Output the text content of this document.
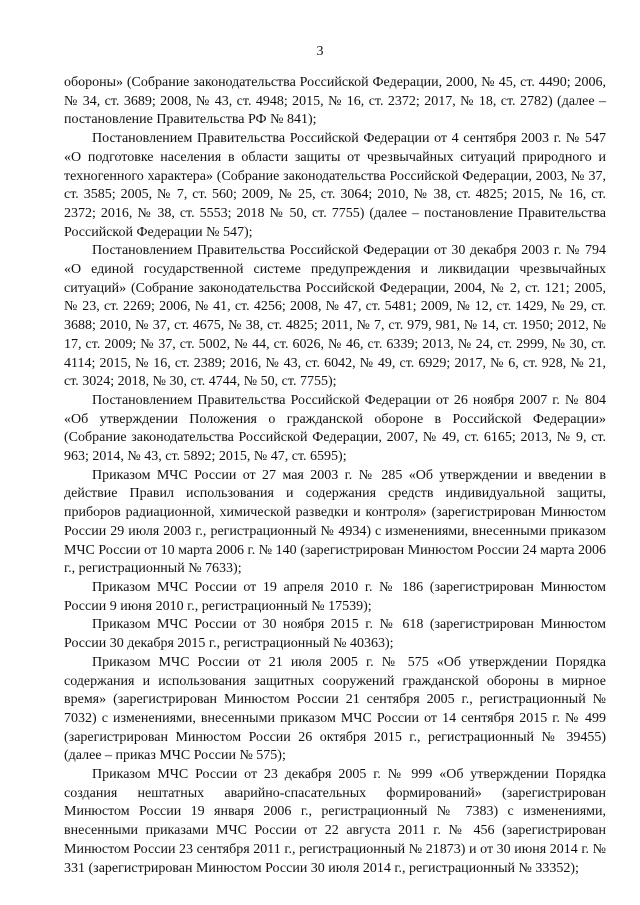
3

обороны» (Собрание законодательства Российской Федерации, 2000, № 45, ст. 4490; 2006, № 34, ст. 3689; 2008, № 43, ст. 4948; 2015, № 16, ст. 2372; 2017, № 18, ст. 2782) (далее – постановление Правительства РФ № 841);

Постановлением Правительства Российской Федерации от 4 сентября 2003 г. № 547 «О подготовке населения в области защиты от чрезвычайных ситуаций природного и техногенного характера» (Собрание законодательства Российской Федерации, 2003, № 37, ст. 3585; 2005, № 7, ст. 560; 2009, № 25, ст. 3064; 2010, № 38, ст. 4825; 2015, № 16, ст. 2372; 2016, № 38, ст. 5553; 2018 № 50, ст. 7755) (далее – постановление Правительства Российской Федерации № 547);

Постановлением Правительства Российской Федерации от 30 декабря 2003 г. № 794 «О единой государственной системе предупреждения и ликвидации чрезвычайных ситуаций» (Собрание законодательства Российской Федерации, 2004, № 2, ст. 121; 2005, № 23, ст. 2269; 2006, № 41, ст. 4256; 2008, № 47, ст. 5481; 2009, № 12, ст. 1429, № 29, ст. 3688; 2010, № 37, ст. 4675, № 38, ст. 4825; 2011, № 7, ст. 979, 981, № 14, ст. 1950; 2012, № 17, ст. 2009; № 37, ст. 5002, № 44, ст. 6026, № 46, ст. 6339; 2013, № 24, ст. 2999, № 30, ст. 4114; 2015, № 16, ст. 2389; 2016, № 43, ст. 6042, № 49, ст. 6929; 2017, № 6, ст. 928, № 21, ст. 3024; 2018, № 30, ст. 4744, № 50, ст. 7755);

Постановлением Правительства Российской Федерации от 26 ноября 2007 г. № 804 «Об утверждении Положения о гражданской обороне в Российской Федерации» (Собрание законодательства Российской Федерации, 2007, № 49, ст. 6165; 2013, № 9, ст. 963; 2014, № 43, ст. 5892; 2015, № 47, ст. 6595);

Приказом МЧС России от 27 мая 2003 г. № 285 «Об утверждении и введении в действие Правил использования и содержания средств индивидуальной защиты, приборов радиационной, химической разведки и контроля» (зарегистрирован Минюстом России 29 июля 2003 г., регистрационный № 4934) с изменениями, внесенными приказом МЧС России от 10 марта 2006 г. № 140 (зарегистрирован Минюстом России 24 марта 2006 г., регистрационный № 7633);

Приказом МЧС России от 19 апреля 2010 г. № 186 (зарегистрирован Минюстом России 9 июня 2010 г., регистрационный № 17539);

Приказом МЧС России от 30 ноября 2015 г. № 618 (зарегистрирован Минюстом России 30 декабря 2015 г., регистрационный № 40363);

Приказом МЧС России от 21 июля 2005 г. № 575 «Об утверждении Порядка содержания и использования защитных сооружений гражданской обороны в мирное время» (зарегистрирован Минюстом России 21 сентября 2005 г., регистрационный № 7032) с изменениями, внесенными приказом МЧС России от 14 сентября 2015 г. № 499 (зарегистрирован Минюстом России 26 октября 2015 г., регистрационный № 39455) (далее – приказ МЧС России № 575);

Приказом МЧС России от 23 декабря 2005 г. № 999 «Об утверждении Порядка создания нештатных аварийно-спасательных формирований» (зарегистрирован Минюстом России 19 января 2006 г., регистрационный № 7383) с изменениями, внесенными приказами МЧС России от 22 августа 2011 г. № 456 (зарегистрирован Минюстом России 23 сентября 2011 г., регистрационный № 21873) и от 30 июня 2014 г. № 331 (зарегистрирован Минюстом России 30 июля 2014 г., регистрационный № 33352);
